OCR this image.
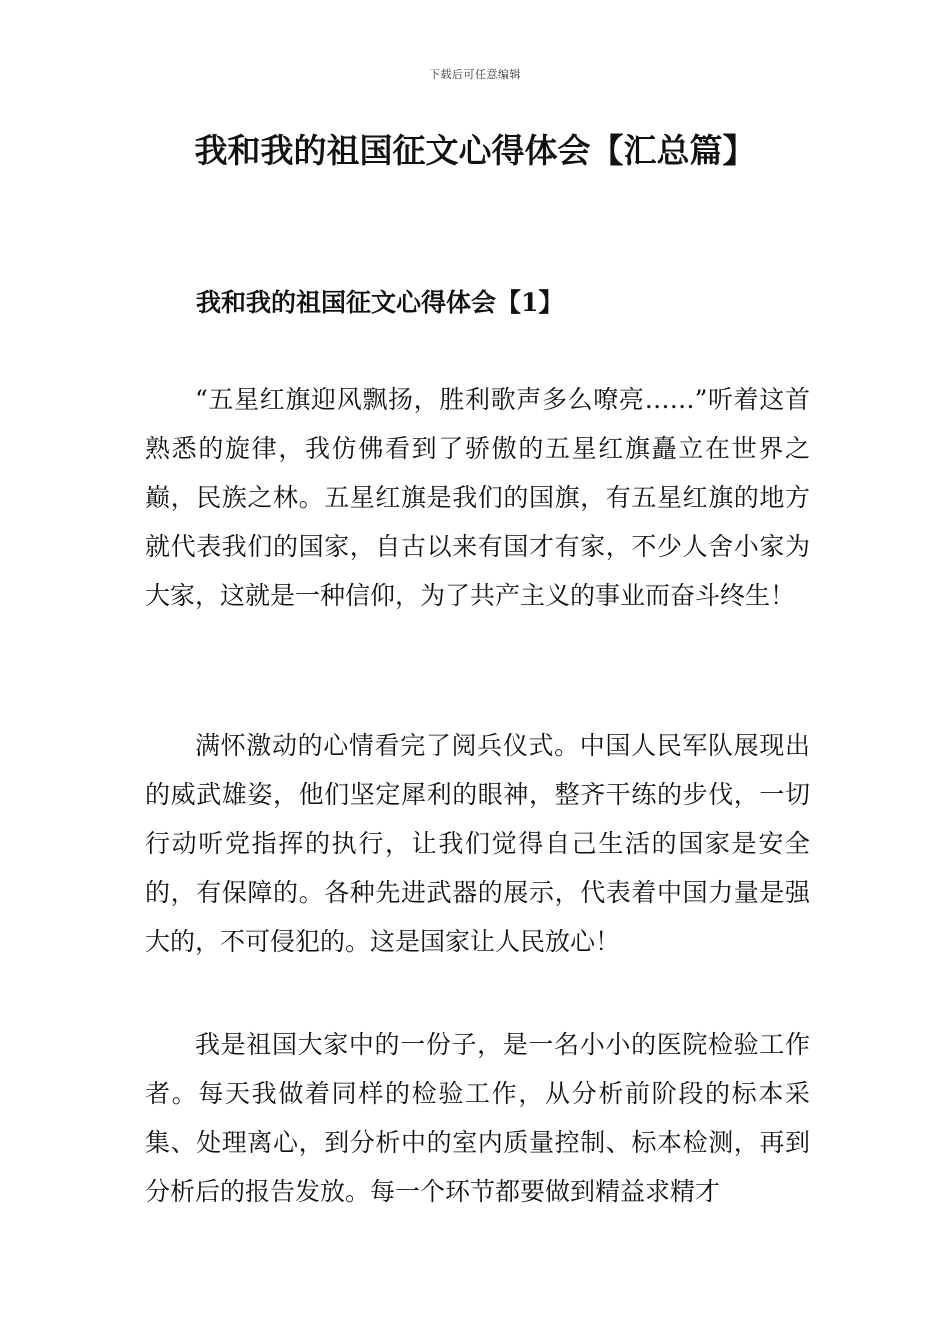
下载后可任意编辑
我和我的祖国征文心得体会【汇总篇】
我和我的祖国征文心得体会【1】

“五星红旗迎风飘扬，胜利歌声多么嘹亮……”听着这首熟悉的旋律，我仿佛看到了骄傲的五星红旗矗立在世界之巅，民族之林。五星红旗是我们的国旗，有五星红旗的地方就代表我们的国家，自古以来有国才有家，不少人舍小家为大家，这就是一种信仰，为了共产主义的事业而奋斗终生！

满怀激动的心情看完了阅兵仪式。中国人民军队展现出的威武雄姿，他们坚定犀利的眼神，整齐干练的步伐，一切行动听党指挥的执行，让我们觉得自己生活的国家是安全的，有保障的。各种先进武器的展示，代表着中国力量是强大的，不可侵犯的。这是国家让人民放心！

我是祖国大家中的一份子，是一名小小的医院检验工作者。每天我做着同样的检验工作，从分析前阶段的标本采集、处理离心，到分析中的室内质量控制、标本检测，再到分析后的报告发放。每一个环节都要做到精益求精才
